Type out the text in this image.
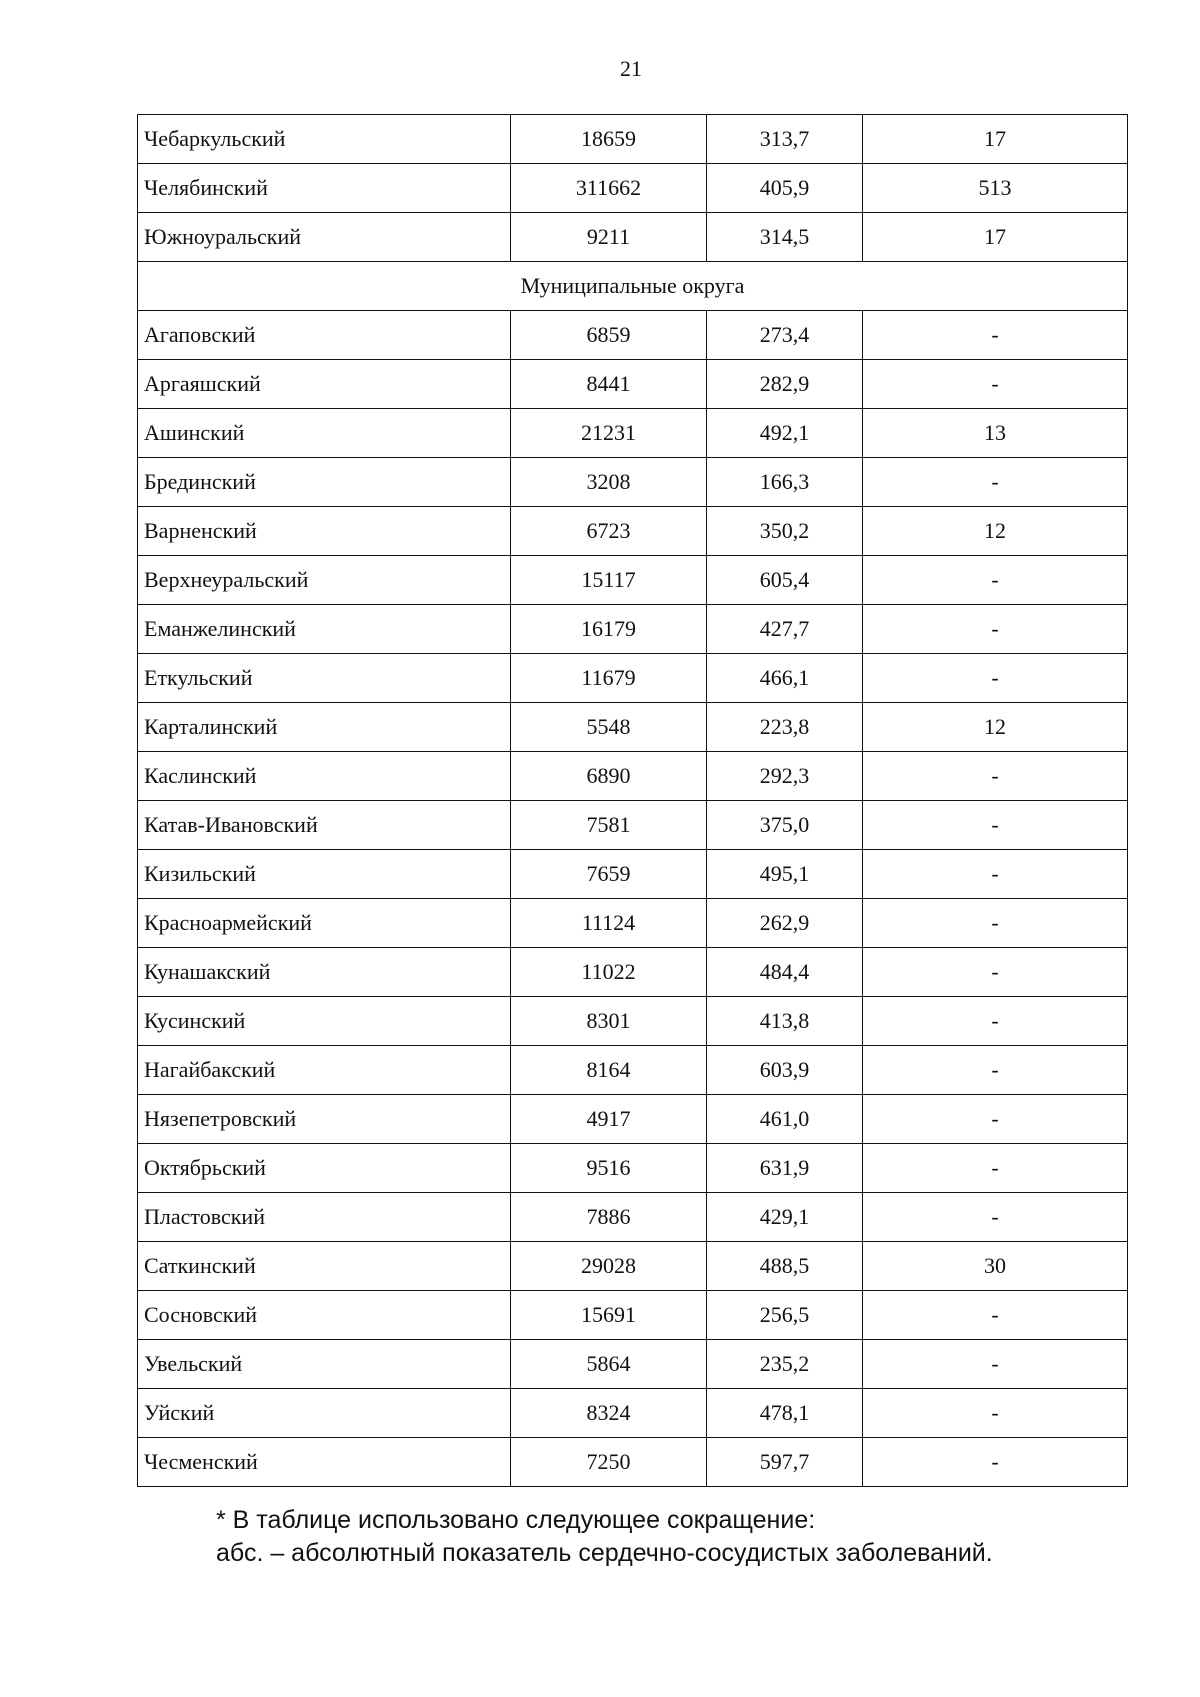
21
Чебаркульский	18659	313,7	17
Челябинский	311662	405,9	513
Южноуральский	9211	314,5	17
Муниципальные округа			
Агаповский	6859	273,4	-
Аргаяшский	8441	282,9	-
Ашинский	21231	492,1	13
Брединский	3208	166,3	-
Варненский	6723	350,2	12
Верхнеуральский	15117	605,4	-
Еманжелинский	16179	427,7	-
Еткульский	11679	466,1	-
Карталинский	5548	223,8	12
Каслинский	6890	292,3	-
Катав-Ивановский	7581	375,0	-
Кизильский	7659	495,1	-
Красноармейский	11124	262,9	-
Кунашакский	11022	484,4	-
Кусинский	8301	413,8	-
Нагайбакский	8164	603,9	-
Нязепетровский	4917	461,0	-
Октябрьский	9516	631,9	-
Пластовский	7886	429,1	-
Саткинский	29028	488,5	30
Сосновский	15691	256,5	-
Увельский	5864	235,2	-
Уйский	8324	478,1	-
Чесменский	7250	597,7	-
* В таблице использовано следующее сокращение:
абс. – абсолютный показатель сердечно-сосудистых заболеваний.
